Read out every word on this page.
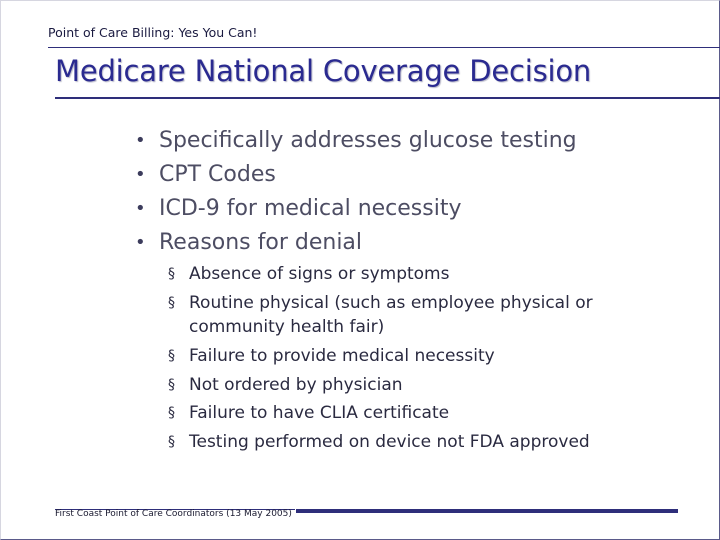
Point of Care Billing: Yes You Can!
Medicare National Coverage Decision
• Specifically addresses glucose testing
• CPT Codes
• ICD-9 for medical necessity
• Reasons for denial
§ Absence of signs or symptoms
§ Routine physical (such as employee physical or community health fair)
§ Failure to provide medical necessity
§ Not ordered by physician
§ Failure to have CLIA certificate
§ Testing performed on device not FDA approved
First Coast Point of Care Coordinators (13 May 2005)
